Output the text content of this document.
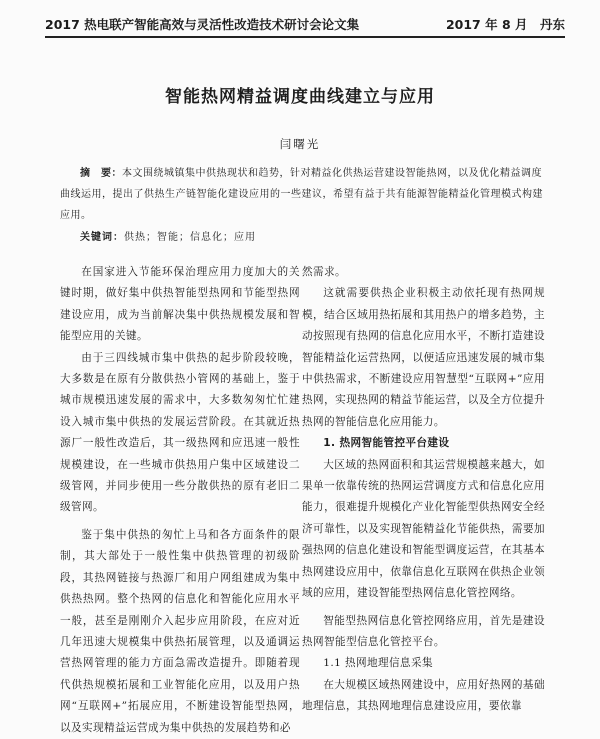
2017 热电联产智能高效与灵活性改造技术研讨会论文集	2017 年 8 月　丹东
智能热网精益调度曲线建立与应用
闫曙光
摘　要：本文围绕城镇集中供热现状和趋势，针对精益化供热运营建设智能热网，以及优化精益调度曲线运用，提出了供热生产链智能化建设应用的一些建议，希望有益于共有能源智能精益化管理模式构建应用。
关键词：供热；智能；信息化；应用

在国家进入节能环保治理应用力度加大的关键时期，做好集中供热智能型热网和节能型热网建设应用，成为当前解决集中供热规模发展和智能型应用的关键。

由于三四线城市集中供热的起步阶段较晚，大多数是在原有分散供热小管网的基础上，鉴于城市规模迅速发展的需求中，大多数匆匆忙忙建设入城市集中供热的发展运营阶段。在其就近热源厂一般性改造后，其一级热网和应迅速一般性规模建设，在一些城市供热用户集中区域建设二级管网，并同步使用一些分散供热的原有老旧二级管网。

鉴于集中供热的匆忙上马和各方面条件的限制，其大部处于一般性集中供热管理的初级阶段，其热网链接与热源厂和用户网组建成为集中供热热网。整个热网的信息化和智能化应用水平一般，甚至是刚刚介入起步应用阶段，在应对近几年迅速大规模集中供热拓展管理，以及通调运营热网管理的能力方面急需改造提升。即随着现代供热规模拓展和工业智能化应用，以及用户热网“互联网+”拓展应用，不断建设智能型热网，以及实现精益运营成为集中供热的发展趋势和必

然需求。

这就需要供热企业积极主动依托现有热网规模，结合区域用热拓展和其用热户的增多趋势，主动按照现有热网的信息化应用水平，不断打造建设智能精益化运营热网，以便适应迅速发展的城市集中供热需求，不断建设应用智慧型“互联网+”应用热网，实现热网的精益节能运营，以及全方位提升热网的智能信息化应用能力。

1. 热网智能管控平台建设

大区域的热网面积和其运营规模越来越大，如果单一依靠传统的热网运营调度方式和信息化应用能力，很难提升规模化产业化智能型供热网安全经济可靠性，以及实现智能精益化节能供热，需要加强热网的信息化建设和智能型调度运营，在其基本热网建设应用中，依靠信息化互联网在供热企业领域的应用，建设智能型热网信息化管控网络。

智能型热网信息化管控网络应用，首先是建设热网智能型信息化管控平台。

1.1 热网地理信息采集

在大规模区域热网建设中，应用好热网的基础地理信息，其热网地理信息建设应用，要依靠
